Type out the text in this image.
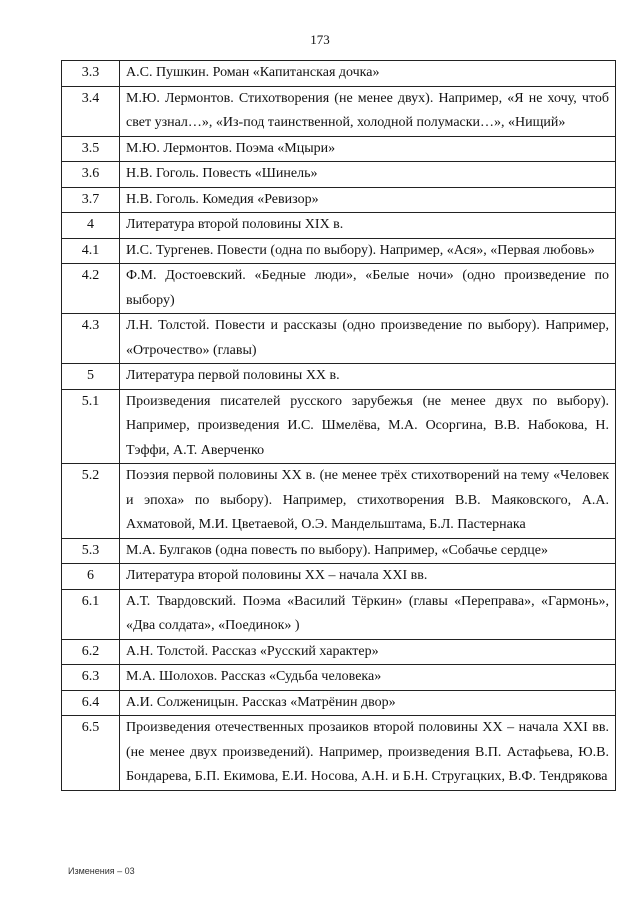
173
3.3	А.С. Пушкин. Роман «Капитанская дочка»
3.4	М.Ю. Лермонтов. Стихотворения (не менее двух). Например, «Я не хочу, чтоб свет узнал…», «Из-под таинственной, холодной полумаски…», «Нищий»
3.5	М.Ю. Лермонтов. Поэма «Мцыри»
3.6	Н.В. Гоголь. Повесть «Шинель»
3.7	Н.В. Гоголь. Комедия «Ревизор»
4	Литература второй половины XIX в.
4.1	И.С. Тургенев. Повести (одна по выбору). Например, «Ася», «Первая любовь»
4.2	Ф.М. Достоевский. «Бедные люди», «Белые ночи» (одно произведение по выбору)
4.3	Л.Н. Толстой. Повести и рассказы (одно произведение по выбору). Например, «Отрочество» (главы)
5	Литература первой половины XX в.
5.1	Произведения писателей русского зарубежья (не менее двух по выбору). Например, произведения И.С. Шмелёва, М.А. Осоргина, В.В. Набокова, Н. Тэффи, А.Т. Аверченко
5.2	Поэзия первой половины XX в. (не менее трёх стихотворений на тему «Человек и эпоха» по выбору). Например, стихотворения В.В. Маяковского, А.А. Ахматовой, М.И. Цветаевой, О.Э. Мандельштама, Б.Л. Пастернака
5.3	М.А. Булгаков (одна повесть по выбору). Например, «Собачье сердце»
6	Литература второй половины XX – начала XXI вв.
6.1	А.Т. Твардовский. Поэма «Василий Тёркин» (главы «Переправа», «Гармонь», «Два солдата», «Поединок» )
6.2	А.Н. Толстой. Рассказ «Русский характер»
6.3	М.А. Шолохов. Рассказ «Судьба человека»
6.4	А.И. Солженицын. Рассказ «Матрёнин двор»
6.5	Произведения отечественных прозаиков второй половины XX – начала XXI вв. (не менее двух произведений). Например, произведения В.П. Астафьева, Ю.В. Бондарева, Б.П. Екимова, Е.И. Носова, А.Н. и Б.Н. Стругацких, В.Ф. Тендрякова
Изменения – 03
